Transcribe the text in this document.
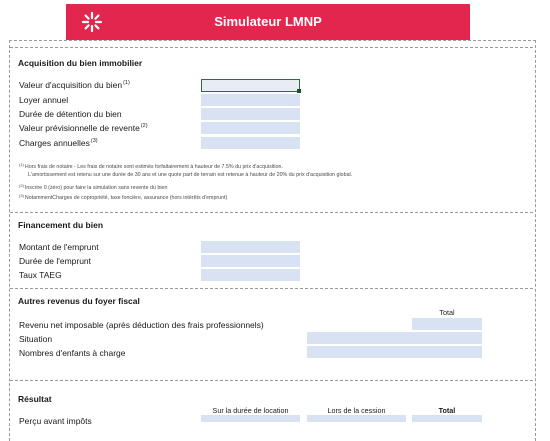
Simulateur LMNP
Acquisition du bien immobilier
Valeur d'acquisition du bien$^{(1)}$
Loyer annuel
Durée de détention du bien
Valeur prévisionnelle de revente$^{(2)}$
Charges annuelles$^{(3)}$
$^{(1)}$Hors frais de notaire - Les frais de notaire sont estimés forfaitairement à hauteur de 7.5% du prix d'acquisition.
L'amortissement est retenu sur une durée de 30 ans et une quote part de terrain est retenue à hauteur de 20% du prix d'acquisition global.
$^{(2)}$Inscrire 0 (zéro) pour faire la simulation sans revente du bien
$^{(3)}$NotammentCharges de copropriété, taxe foncière, assurance (hors intérêts d'emprunt)
Financement du bien
Montant de l'emprunt
Durée de l'emprunt
Taux TAEG
Autres revenus du foyer fiscal
Total
Revenu net imposable (après déduction des frais professionnels)
Situation
Nombres d'enfants à charge
Résultat
Sur la durée de location	Lors de la cession	Total
Perçu avant impôts
